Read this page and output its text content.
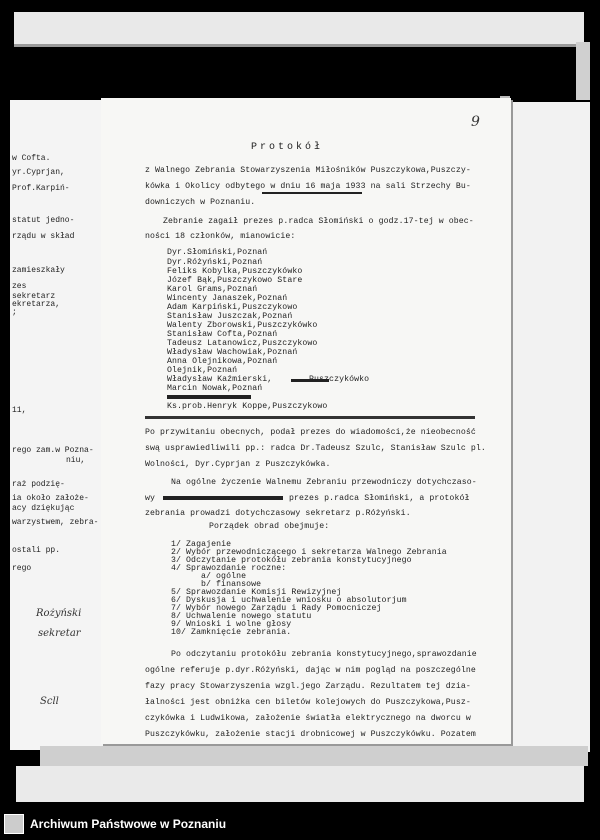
w Cofta.
yr.Cyprjan,
Prof.Karpiń-
statut jedno-
rządu w skład
zamieszkały
zes
sekretarz
ekretarza,
;
11,
rego zam.w Pozna-
niu,
raż podzię-
ia około założe-
acy dziękując
warzystwem, zebra-
ostali pp.
rego
Rożyński
sekretar
Scll
9
Protokół
z Walnego Zebrania Stowarzyszenia Miłośników Puszczykowa,Puszczy-
kówka i Okolicy odbytego w dniu 16 maja 1933 na sali Strzechy Bu-
downiczych w Poznaniu.
Zebranie zagaił prezes p.radca Słomiński o godz.17-tej w obec-
ności 18 członków, mianowicie:
Dyr.Słomiński,Poznań
Dyr.Różyński,Poznań
Feliks Kobylka,Puszczykówko
Józef Bąk,Puszczykowo Stare
Karol Grams,Poznań
Wincenty Janaszek,Poznań
Adam Karpiński,Puszczykowo
Stanisław Juszczak,Poznań
Walenty Zborowski,Puszczykówko
Stanisław Cofta,Poznań
Tadeusz Latanowicz,Puszczykowo
Władysław Wachowiak,Poznań
Anna Olejnikowa,Poznań
Olejnik,Poznań
Władysław Kaźmierski,	Puszczykówko
Marcin Nowak,Poznań
Ks.prob.Henryk Koppe,Puszczykowo
Po przywitaniu obecnych, podał prezes do wiadomości,że nieobecność
swą usprawiedliwili pp.: radca Dr.Tadeusz Szulc, Stanisław Szulc pl.
Wolności, Dyr.Cyprjan z Puszczykówka.
Na ogólne życzenie Walnemu Zebraniu przewodniczy dotychczaso-
wy	prezes p.radca Słomiński, a protokół
zebrania prowadzi dotychczasowy sekretarz p.Różyński.
Porządek obrad obejmuje:
1/ Zagajenie
2/ Wybór przewodniczącego i sekretarza Walnego Zebrania
3/ Odczytanie protokółu zebrania konstytucyjnego
4/ Sprawozdanie roczne:
a/ ogólne
b/ finansowe
5/ Sprawozdanie Komisji Rewizyjnej
6/ Dyskusja i uchwalenie wniosku o absolutorjum
7/ Wybór nowego Zarządu i Rady Pomocniczej
8/ Uchwalenie nowego statutu
9/ Wnioski i wolne głosy
10/ Zamknięcie zebrania.
Po odczytaniu protokółu zebrania konstytucyjnego,sprawozdanie
ogólne referuje p.dyr.Różyński, dając w nim pogląd na poszczególne
fazy pracy Stowarzyszenia wzgl.jego Zarządu. Rezultatem tej dzia-
łalności jest obniżka cen biletów kolejowych do Puszczykowa,Pusz-
czykówka i Ludwikowa, założenie światła elektrycznego na dworcu w
Puszczykówku, założenie stacji drobnicowej w Puszczykówku. Pozatem
Archiwum Państwowe w Poznaniu
